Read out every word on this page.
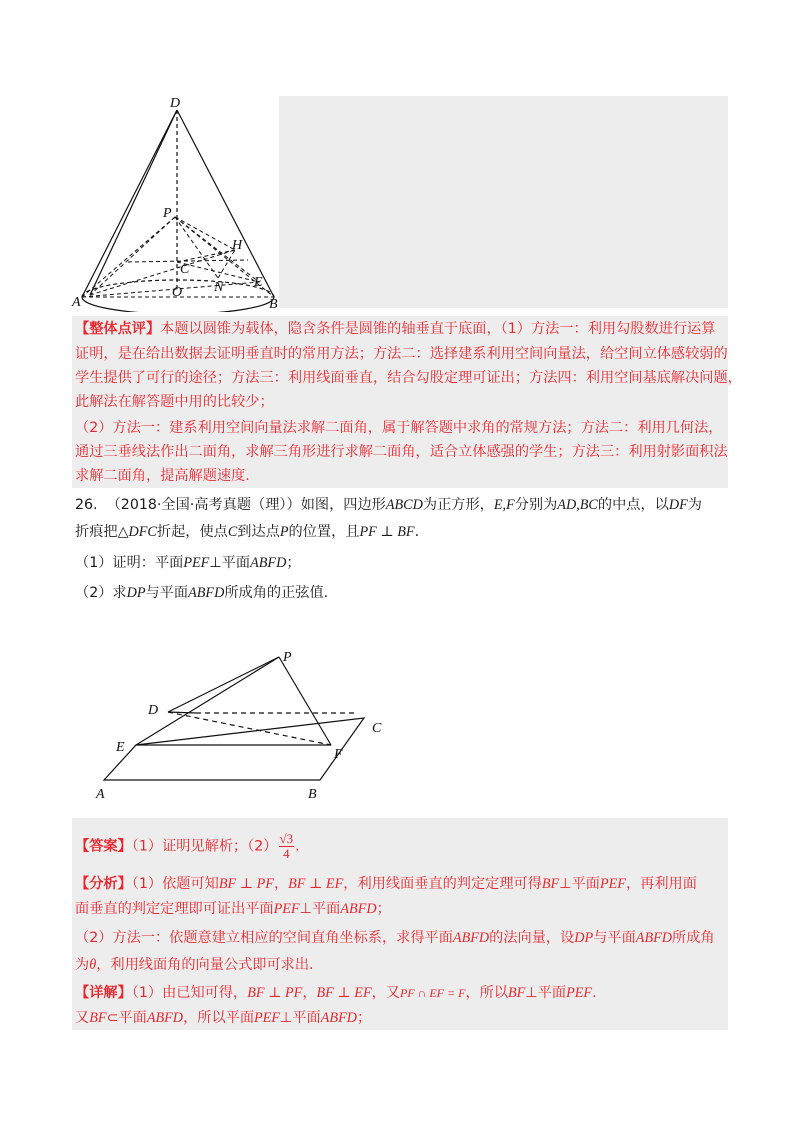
D
P
H
C
E
N
O
A	B
【整体点评】本题以圆锥为载体，隐含条件是圆锥的轴垂直于底面，（1）方法一：利用勾股数进行运算
证明，是在给出数据去证明垂直时的常用方法；方法二：选择建系利用空间向量法，给空间立体感较弱的
学生提供了可行的途径；方法三：利用线面垂直，结合勾股定理可证出；方法四：利用空间基底解决问题，
此解法在解答题中用的比较少；
（2）方法一：建系利用空间向量法求解二面角，属于解答题中求角的常规方法；方法二：利用几何法，
通过三垂线法作出二面角，求解三角形进行求解二面角，适合立体感强的学生；方法三：利用射影面积法
求解二面角，提高解题速度.
26. （2018·全国·高考真题（理））如图，四边形ABCD为正方形，E,F分别为AD,BC的中点，以DF为
折痕把△DFC折起，使点C到达点P的位置，且PF ⊥ BF.
（1）证明：平面PEF⊥平面ABFD；
（2）求DP与平面ABFD所成角的正弦值.
P
D
C
E	F
A	B
【答案】（1）证明见解析；$(2) \frac{√3}{4}$ .
【分析】（1）依题可知BF ⊥ PF，BF ⊥ EF，利用线面垂直的判定定理可得BF⊥平面PEF，再利用面
面垂直的判定定理即可证出平面PEF⊥平面ABFD；
（2）方法一：依题意建立相应的空间直角坐标系，求得平面ABFD的法向量，设DP与平面ABFD所成角
为θ，利用线面角的向量公式即可求出.
【详解】（1）由已知可得，BF ⊥ PF，BF ⊥ EF，又PF ∩ EF = F，所以BF⊥平面PEF.
又BF⊂平面ABFD，所以平面PEF⊥平面ABFD；
